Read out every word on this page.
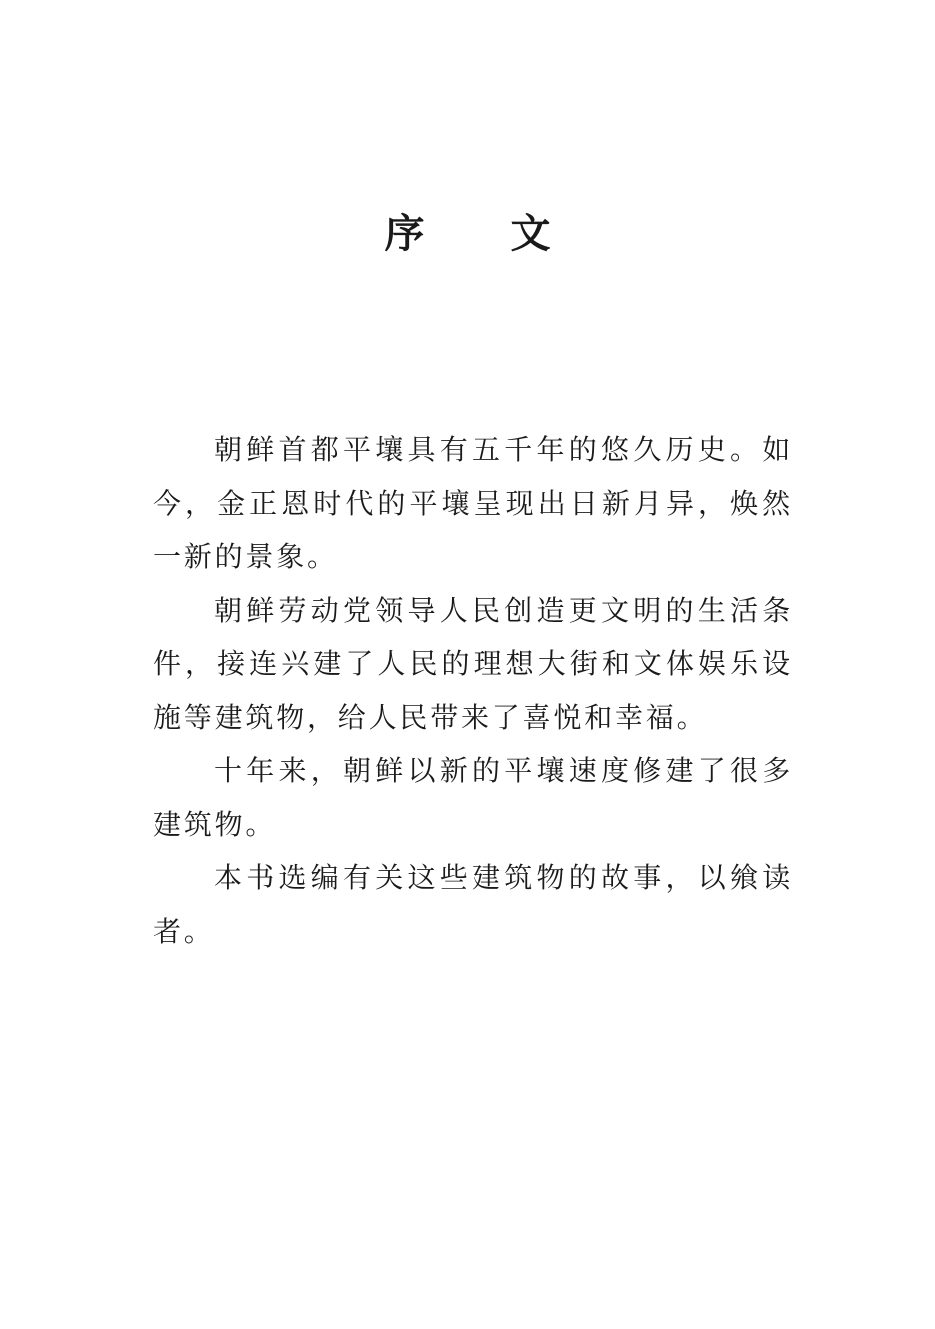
序 文

朝鲜首都平壤具有五千年的悠久历史。如今，金正恩时代的平壤呈现出日新月异，焕然一新的景象。

朝鲜劳动党领导人民创造更文明的生活条件，接连兴建了人民的理想大街和文体娱乐设施等建筑物，给人民带来了喜悦和幸福。

十年来，朝鲜以新的平壤速度修建了很多建筑物。

本书选编有关这些建筑物的故事，以飨读者。
